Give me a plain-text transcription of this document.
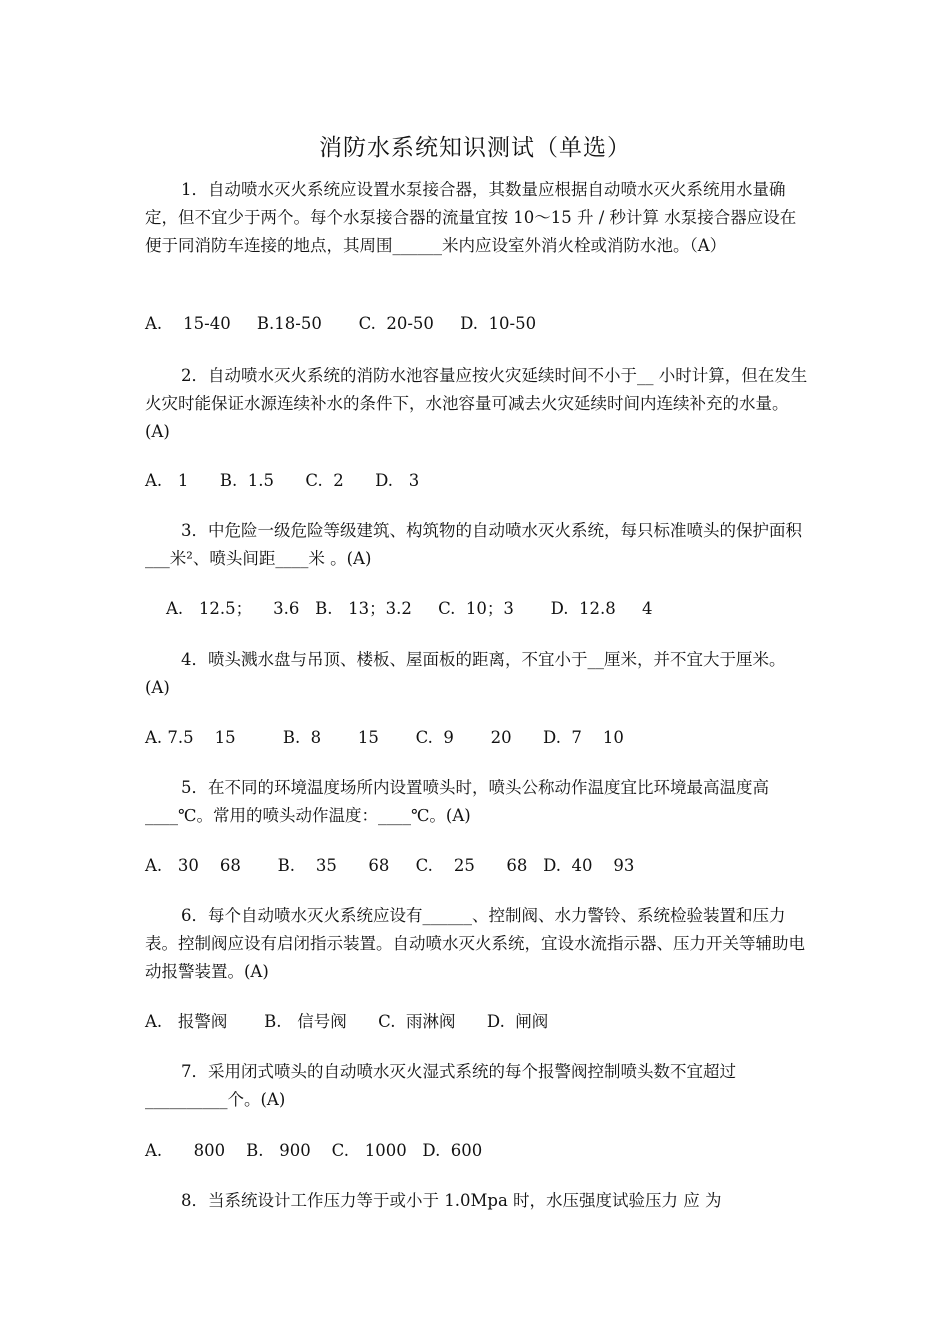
消防水系统知识测试（单选）

1．自动喷水灭火系统应设置水泵接合器，其数量应根据自动喷水灭火系统用水量确定，但不宜少于两个。每个水泵接合器的流量宜按 10～15 升 / 秒计算 水泵接合器应设在便于同消防车连接的地点，其周围______米内应设室外消火栓或消防水池。（A）

A.    15-40     B.18-50       C.  20-50     D.  10-50

2．自动喷水灭火系统的消防水池容量应按火灾延续时间不小于__ 小时计算，但在发生火灾时能保证水源连续补水的条件下，水池容量可减去火灾延续时间内连续补充的水量。(A)

A.   1      B.  1.5      C.  2      D.   3

3．中危险一级危险等级建筑、构筑物的自动喷水灭火系统，每只标准喷头的保护面积 ___米²、喷头间距____米 。(A)

A.   12.5；    3.6   B.   13；3.2     C.  10；3       D.  12.8     4

4．喷头溅水盘与吊顶、楼板、屋面板的距离，不宜小于__厘米，并不宜大于厘米。(A)

A. 7.5    15         B.  8       15       C.  9       20      D.  7    10

5．在不同的环境温度场所内设置喷头时，喷头公称动作温度宜比环境最高温度高____℃。常用的喷头动作温度：____℃。(A)

A.   30    68       B.    35      68     C.    25      68   D.  40    93

6．每个自动喷水灭火系统应设有______、控制阀、水力警铃、系统检验装置和压力表。控制阀应设有启闭指示装置。自动喷水灭火系统，宜设水流指示器、压力开关等辅助电动报警装置。(A)

A.   报警阀       B.   信号阀      C.  雨淋阀      D.  闸阀

7．采用闭式喷头的自动喷水灭火湿式系统的每个报警阀控制喷头数不宜超过__________个。(A)

A.      800    B.   900    C.   1000   D.  600

8．当系统设计工作压力等于或小于 1.0Mpa 时，水压强度试验压力 应 为
